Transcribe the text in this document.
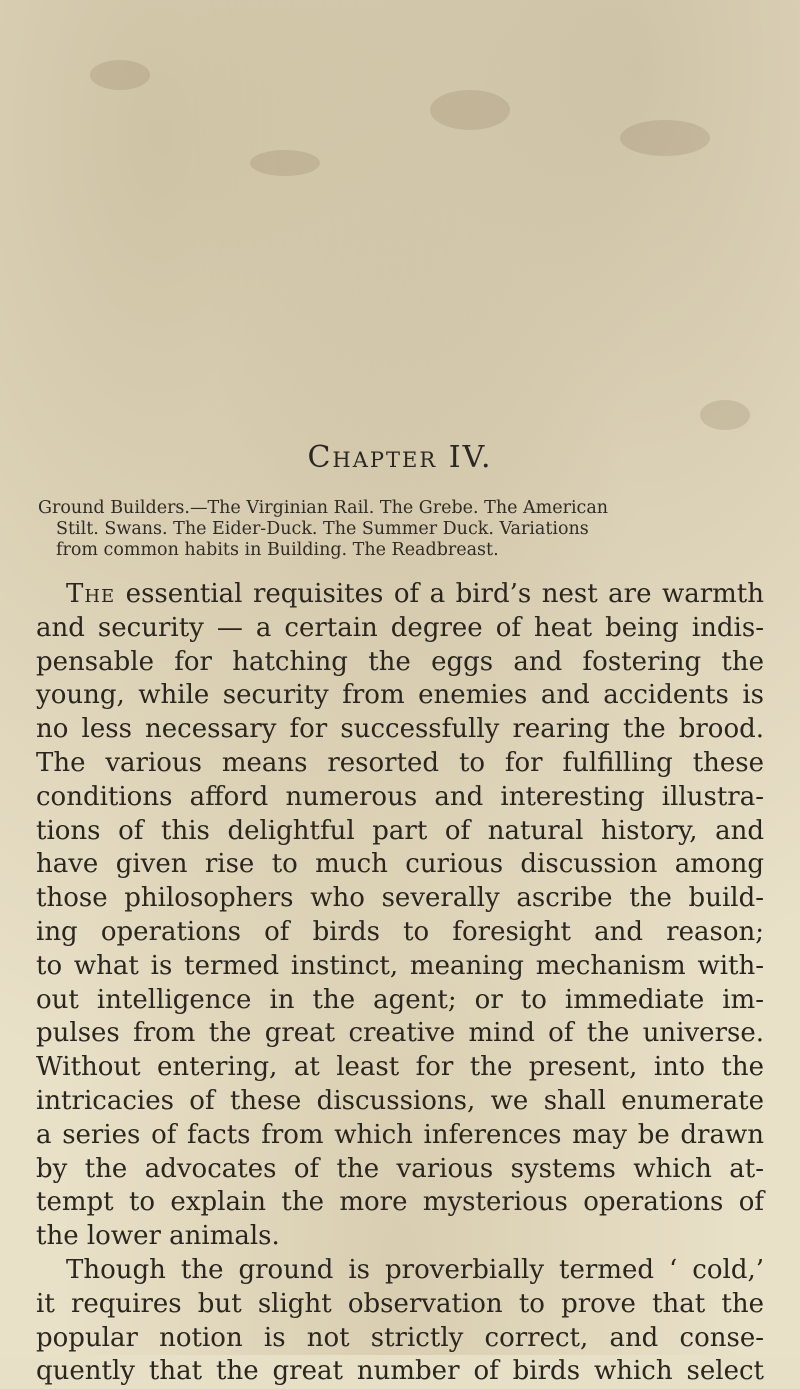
Chapter IV.
Ground Builders.—The Virginian Rail. The Grebe. The American
Stilt. Swans. The Eider-Duck. The Summer Duck. Variations
from common habits in Building. The Readbreast.
The essential requisites of a bird’s nest are warmth
and security — a certain degree of heat being indis-
pensable for hatching the eggs and fostering the
young, while security from enemies and accidents is
no less necessary for successfully rearing the brood.
The various means resorted to for fulfilling these
conditions afford numerous and interesting illustra-
tions of this delightful part of natural history, and
have given rise to much curious discussion among
those philosophers who severally ascribe the build-
ing operations of birds to foresight and reason;
to what is termed instinct, meaning mechanism with-
out intelligence in the agent; or to immediate im-
pulses from the great creative mind of the universe.
Without entering, at least for the present, into the
intricacies of these discussions, we shall enumerate
a series of facts from which inferences may be drawn
by the advocates of the various systems which at-
tempt to explain the more mysterious operations of
the lower animals.
Though the ground is proverbially termed ‘ cold,’
it requires but slight observation to prove that the
popular notion is not strictly correct, and conse-
quently that the great number of birds which select
